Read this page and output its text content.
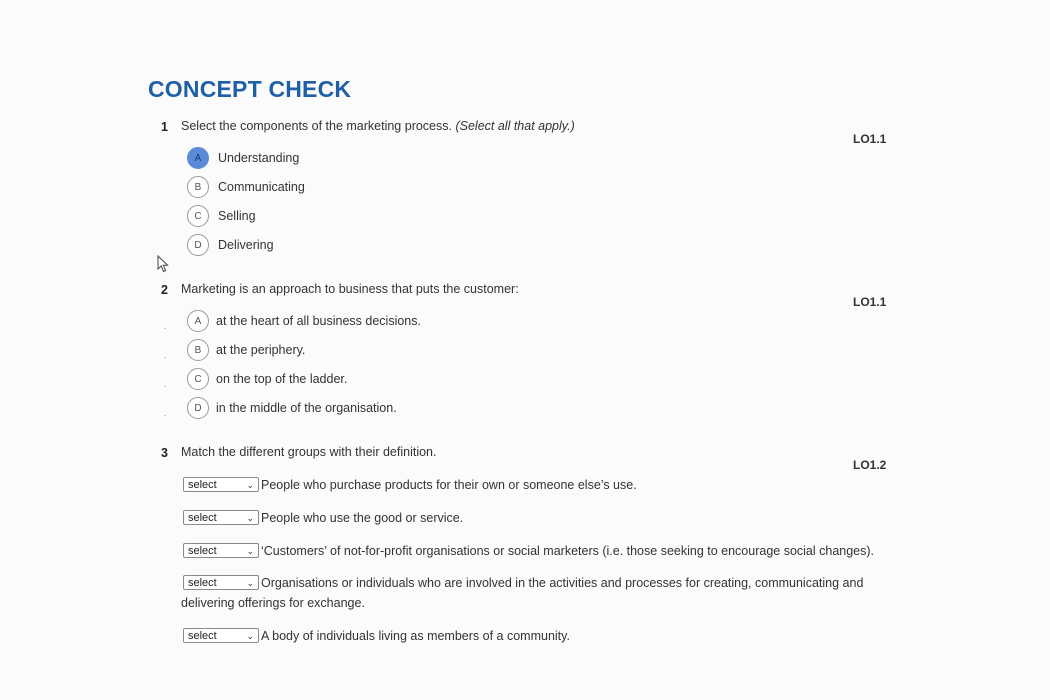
CONCEPT CHECK
1 Select the components of the marketing process. (Select all that apply.)
LO1.1
A	Understanding
B	Communicating
C	Selling
D	Delivering
2 Marketing is an approach to business that puts the customer:
LO1.1
A	at the heart of all business decisions.
B	at the periphery.
C	on the top of the ladder.
D	in the middle of the organisation.
3 Match the different groups with their definition.
LO1.2
select	⌄ People who purchase products for their own or someone else’s use.
select	⌄ People who use the good or service.
select	⌄ ‘Customers’ of not-for-profit organisations or social marketers (i.e. those seeking to encourage social changes).
select	⌄ Organisations or individuals who are involved in the activities and processes for creating, communicating and delivering offerings for exchange.
select	⌄ A body of individuals living as members of a community.
